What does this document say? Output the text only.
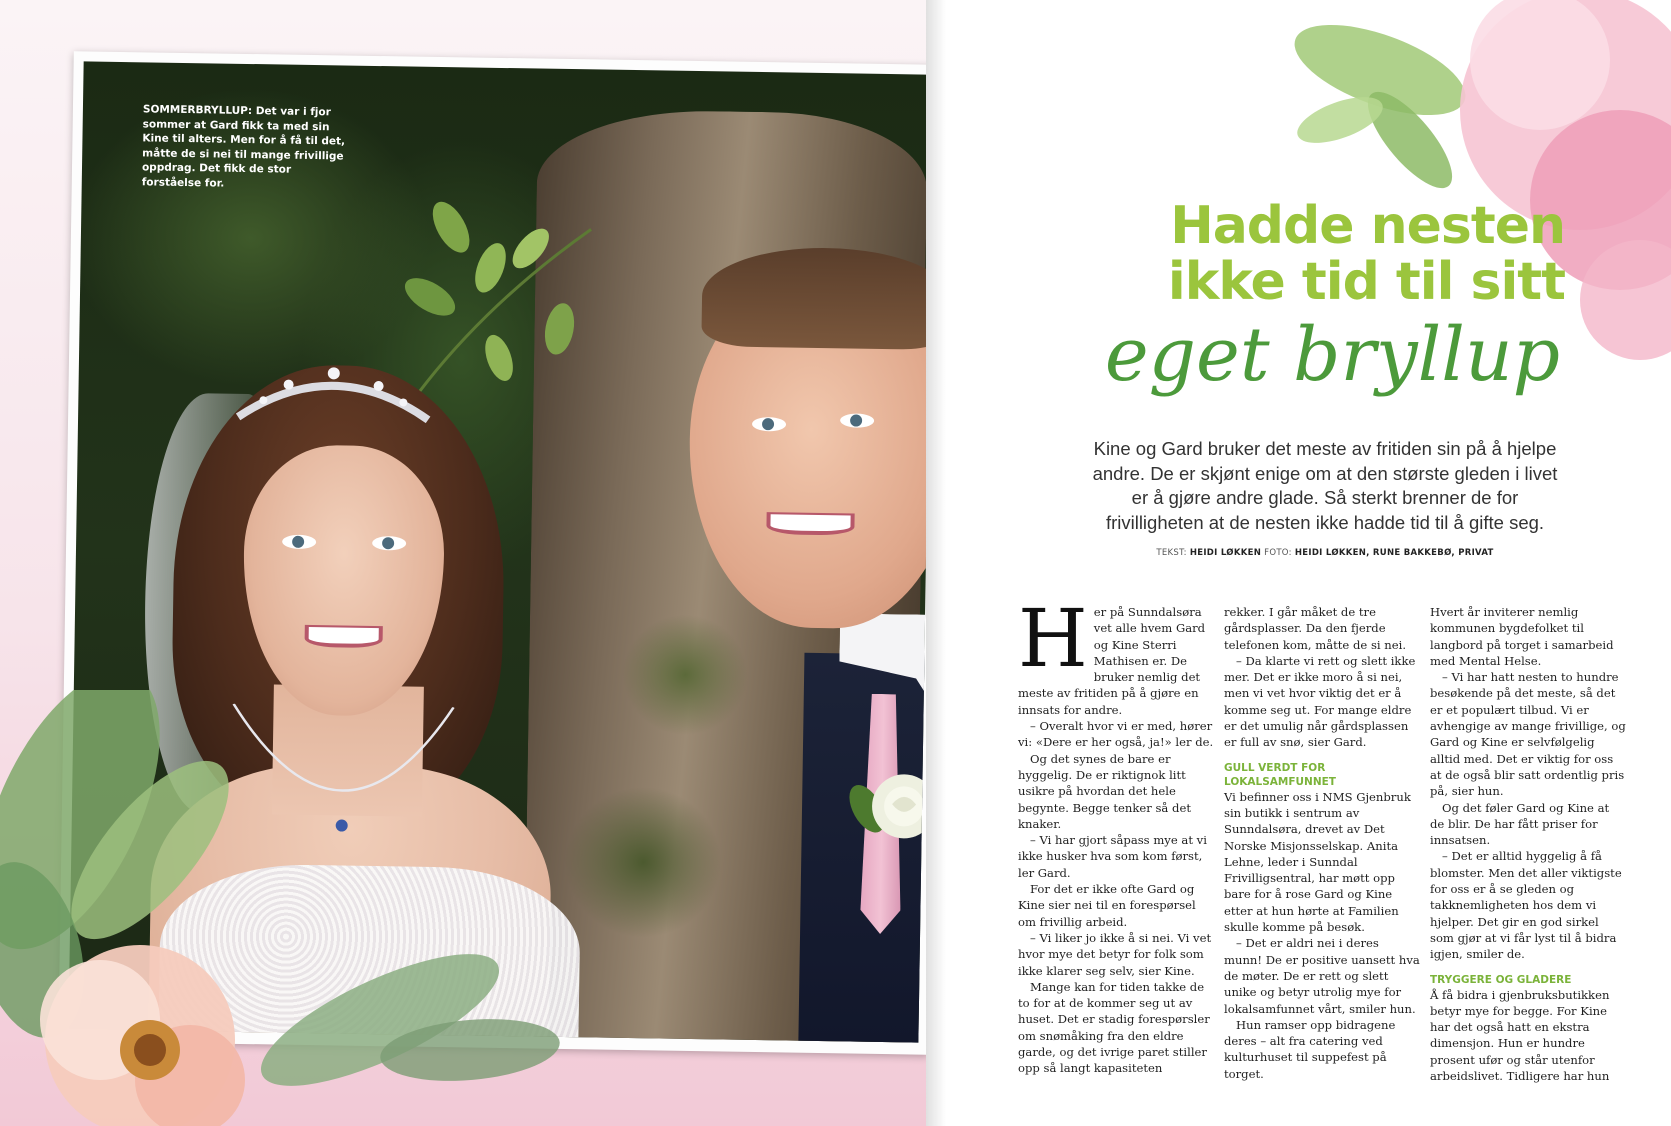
SOMMERBRYLLUP: Det var i fjor sommer at Gard fikk ta med sin Kine til alters. Men for å få til det, måtte de si nei til mange frivillige oppdrag. Det fikk de stor forståelse for.
Hadde nesten
ikke tid til sitt
eget bryllup
Kine og Gard bruker det meste av fritiden sin på å hjelpe andre. De er skjønt enige om at den største gleden i livet er å gjøre andre glade. Så sterkt brenner de for frivilligheten at de nesten ikke hadde tid til å gifte seg.
TEKST: HEIDI LØKKEN FOTO: HEIDI LØKKEN, RUNE BAKKEBØ, PRIVAT

Her på Sunndalsøra vet alle hvem Gard og Kine Sterri Mathisen er. De bruker nemlig det meste av fritiden på å gjøre en innsats for andre.

– Overalt hvor vi er med, hører vi: «Dere er her også, ja!» ler de.

Og det synes de bare er hyggelig. De er riktignok litt usikre på hvordan det hele begynte. Begge tenker så det knaker.

– Vi har gjort såpass mye at vi ikke husker hva som kom først, ler Gard.

For det er ikke ofte Gard og Kine sier nei til en forespørsel om frivillig arbeid.

– Vi liker jo ikke å si nei. Vi vet hvor mye det betyr for folk som ikke klarer seg selv, sier Kine.

Mange kan for tiden takke de to for at de kommer seg ut av huset. Det er stadig forespørsler om snømåking fra den eldre garde, og det ivrige paret stiller opp så langt kapasiteten

rekker. I går måket de tre gårdsplasser. Da den fjerde telefonen kom, måtte de si nei.

– Da klarte vi rett og slett ikke mer. Det er ikke moro å si nei, men vi vet hvor viktig det er å komme seg ut. For mange eldre er det umulig når gårdsplassen er full av snø, sier Gard.

GULL VERDT FOR LOKALSAMFUNNET

Vi befinner oss i NMS Gjenbruk sin butikk i sentrum av Sunndalsøra, drevet av Det Norske Misjonsselskap. Anita Lehne, leder i Sunndal Frivilligsentral, har møtt opp bare for å rose Gard og Kine etter at hun hørte at Familien skulle komme på besøk.

– Det er aldri nei i deres munn! De er positive uansett hva de møter. De er rett og slett unike og betyr utrolig mye for lokalsamfunnet vårt, smiler hun.

Hun ramser opp bidragene deres – alt fra catering ved kulturhuset til suppefest på torget.

Hvert år inviterer nemlig kommunen bygdefolket til langbord på torget i samarbeid med Mental Helse.

– Vi har hatt nesten to hundre besøkende på det meste, så det er et populært tilbud. Vi er avhengige av mange frivillige, og Gard og Kine er selvfølgelig alltid med. Det er viktig for oss at de også blir satt ordentlig pris på, sier hun.

Og det føler Gard og Kine at de blir. De har fått priser for innsatsen.

– Det er alltid hyggelig å få blomster. Men det aller viktigste for oss er å se gleden og takknemligheten hos dem vi hjelper. Det gir en god sirkel som gjør at vi får lyst til å bidra igjen, smiler de.

TRYGGERE OG GLADERE

Å få bidra i gjenbruksbutikken betyr mye for begge. For Kine har det også hatt en ekstra dimensjon. Hun er hundre prosent ufør og står utenfor arbeidslivet. Tidligere har hun
